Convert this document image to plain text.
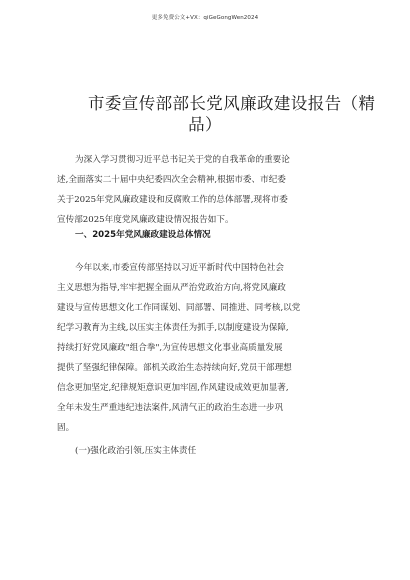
更多免费公文+VX：qiGeGongWen2024
市委宣传部部长党风廉政建设报告（精
品）
为深入学习贯彻习近平总书记关于党的自我革命的重要论
述,全面落实二十届中央纪委四次全会精神,根据市委、市纪委
关于2025年党风廉政建设和反腐败工作的总体部署,现将市委
宣传部2025年度党风廉政建设情况报告如下。
一、2025年党风廉政建设总体情况
今年以来,市委宣传部坚持以习近平新时代中国特色社会
主义思想为指导,牢牢把握全面从严治党政治方向,将党风廉政
建设与宣传思想文化工作同谋划、同部署、同推进、同考核,以党
纪学习教育为主线,以压实主体责任为抓手,以制度建设为保障,
持续打好党风廉政"组合拳",为宣传思想文化事业高质量发展
提供了坚强纪律保障。部机关政治生态持续向好,党员干部理想
信念更加坚定,纪律规矩意识更加牢固,作风建设成效更加显著,
全年未发生严重违纪违法案件,风清气正的政治生态进一步巩
固。
(一)强化政治引领,压实主体责任
